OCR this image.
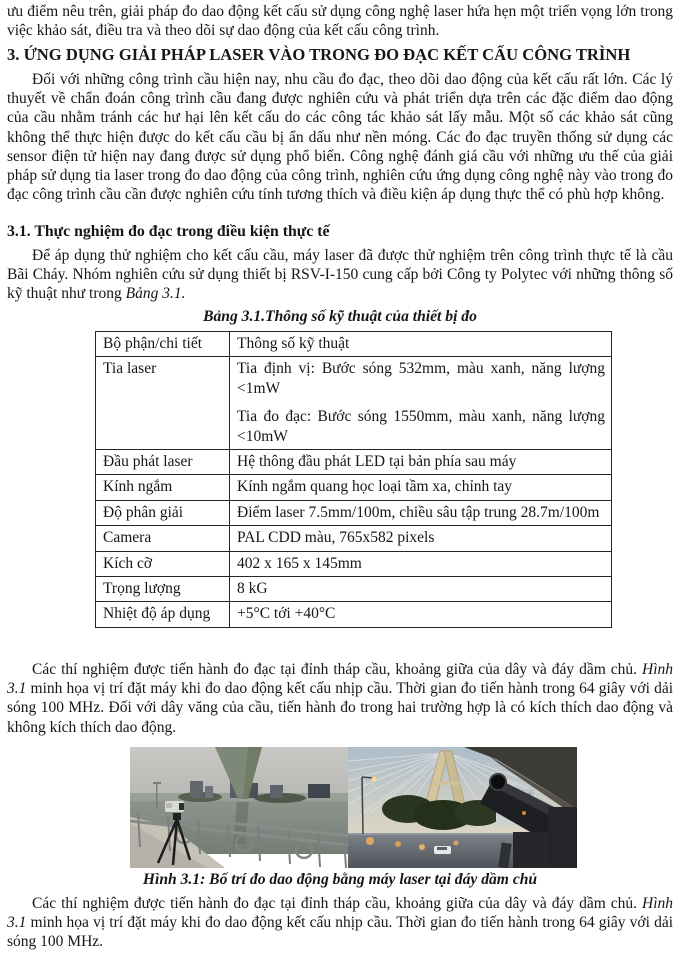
ưu điểm nêu trên, giải pháp đo dao động kết cấu sử dụng công nghệ laser hứa hẹn một triển vọng lớn trong việc khảo sát, điều tra và theo dõi sự dao động của kết cấu công trình.
3. ỨNG DỤNG GIẢI PHÁP LASER VÀO TRONG ĐO ĐẠC KẾT CẤU CÔNG TRÌNH
Đối với những công trình cầu hiện nay, nhu cầu đo đạc, theo dõi dao động của kết cấu rất lớn. Các lý thuyết về chẩn đoán công trình cầu đang được nghiên cứu và phát triển dựa trên các đặc điểm dao động của cầu nhằm tránh các hư hại lên kết cấu do các công tác khảo sát lấy mẫu. Một số các khảo sát cũng không thể thực hiện được do kết cấu cầu bị ẩn dấu như nền móng. Các đo đạc truyền thống sử dụng các sensor điện tử hiện nay đang được sử dụng phổ biến. Công nghệ đánh giá cầu với những ưu thế của giải pháp sử dụng tia laser trong đo dao động của công trình, nghiên cứu ứng dụng công nghệ này vào trong đo đạc công trình cầu cần được nghiên cứu tính tương thích và điều kiện áp dụng thực thể có phù hợp không.
3.1. Thực nghiệm đo đạc trong điều kiện thực tế
Để áp dụng thử nghiệm cho kết cấu cầu, máy laser đã được thử nghiệm trên công trình thực tế là cầu Bãi Cháy. Nhóm nghiên cứu sử dụng thiết bị RSV-I-150 cung cấp bởi Công ty Polytec với những thông số kỹ thuật như trong Bảng 3.1.
Bảng 3.1.Thông số kỹ thuật của thiết bị đo
Bộ phận/chi tiết	Thông số kỹ thuật
Tia laser	Tia định vị: Bước sóng 532mm, màu xanh, năng lượng <1mW
Tia đo đạc: Bước sóng 1550mm, màu xanh, năng lượng <10mW

Đầu phát laser	Hệ thông đầu phát LED tại bản phía sau máy

Kính ngắm	Kính ngắm quang học loại tầm xa, chỉnh tay

Độ phân giải	Điểm laser 7.5mm/100m, chiều sâu tập trung 28.7m/100m

Camera	PAL CDD màu, 765x582 pixels

Kích cỡ	402 x 165 x 145mm

Trọng lượng	8 kG

Nhiệt độ áp dụng	+5°C tới +40°C
Các thí nghiệm được tiến hành đo đạc tại đỉnh tháp cầu, khoảng giữa của dây và đáy dầm chủ. Hình 3.1 minh họa vị trí đặt máy khi đo dao động kết cấu nhịp cầu. Thời gian đo tiến hành trong 64 giây với dải sóng 100 MHz. Đối với dây văng của cầu, tiến hành đo trong hai trường hợp là có kích thích dao động và không kích thích dao động.
Hình 3.1: Bố trí đo dao động bằng máy laser tại đáy dầm chủ
Các thí nghiệm được tiến hành đo đạc tại đỉnh tháp cầu, khoảng giữa của dây và đáy dầm chủ. Hình 3.1 minh họa vị trí đặt máy khi đo dao động kết cấu nhịp cầu. Thời gian đo tiến hành trong 64 giây với dải sóng 100 MHz.
